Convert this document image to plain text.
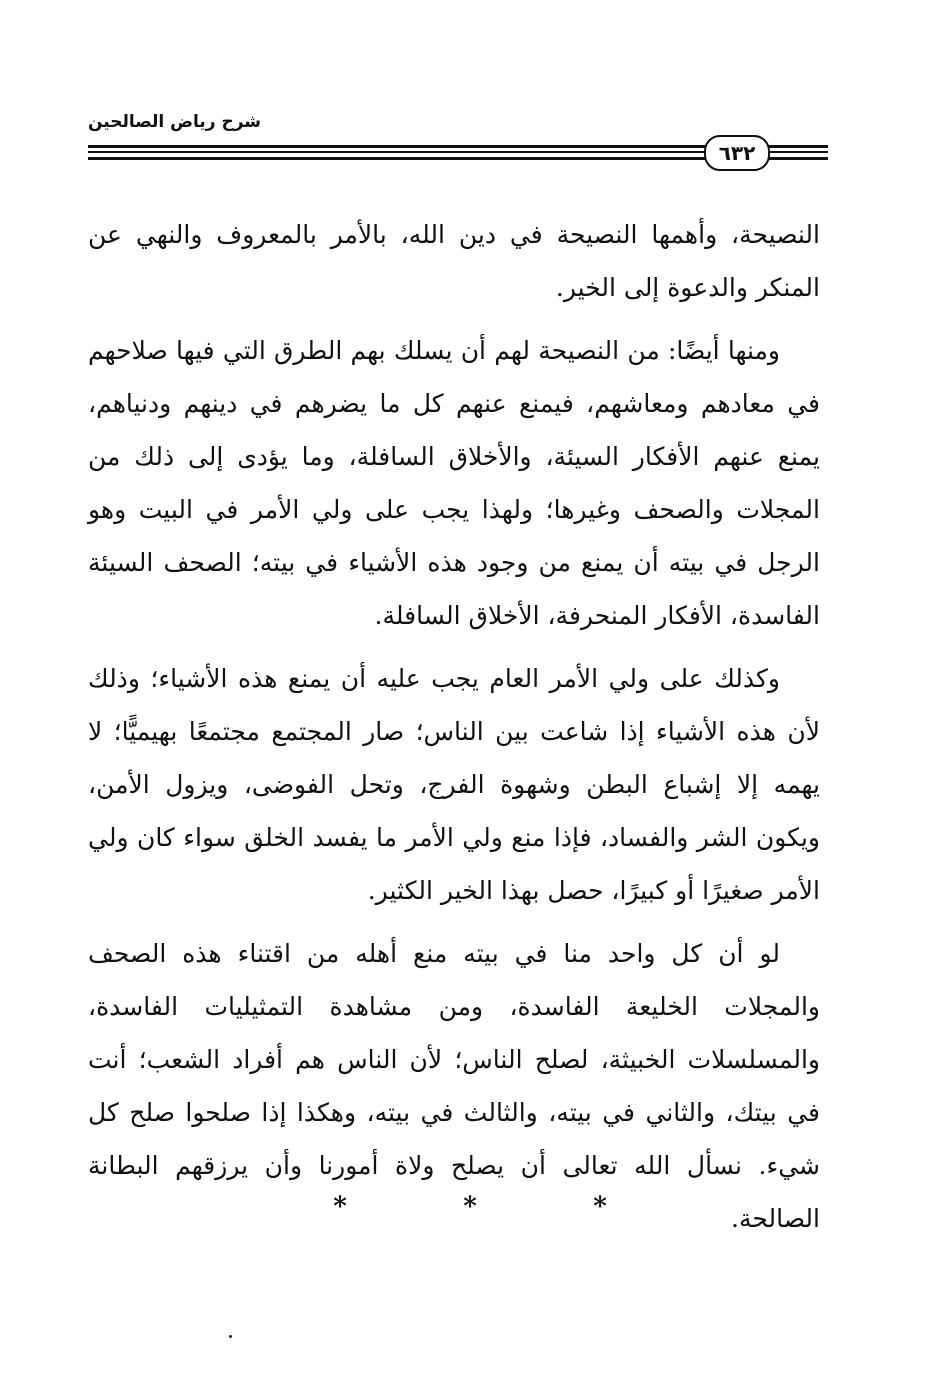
شرح رياض الصالحين
٦٣٢

النصيحة، وأهمها النصيحة في دين الله، بالأمر بالمعروف والنهي عن المنكر والدعوة إلى الخير.

ومنها أيضًا: من النصيحة لهم أن يسلك بهم الطرق التي فيها صلاحهم في معادهم ومعاشهم، فيمنع عنهم كل ما يضرهم في دينهم ودنياهم، يمنع عنهم الأفكار السيئة، والأخلاق السافلة، وما يؤدى إلى ذلك من المجلات والصحف وغيرها؛ ولهذا يجب على ولي الأمر في البيت وهو الرجل في بيته أن يمنع من وجود هذه الأشياء في بيته؛ الصحف السيئة الفاسدة، الأفكار المنحرفة، الأخلاق السافلة.

وكذلك على ولي الأمر العام يجب عليه أن يمنع هذه الأشياء؛ وذلك لأن هذه الأشياء إذا شاعت بين الناس؛ صار المجتمع مجتمعًا بهيميًّا؛ لا يهمه إلا إشباع البطن وشهوة الفرج، وتحل الفوضى، ويزول الأمن، ويكون الشر والفساد، فإذا منع ولي الأمر ما يفسد الخلق سواء كان ولي الأمر صغيرًا أو كبيرًا، حصل بهذا الخير الكثير.

لو أن كل واحد منا في بيته منع أهله من اقتناء هذه الصحف والمجلات الخليعة الفاسدة، ومن مشاهدة التمثيليات الفاسدة، والمسلسلات الخبيثة، لصلح الناس؛ لأن الناس هم أفراد الشعب؛ أنت في بيتك، والثاني في بيته، والثالث في بيته، وهكذا إذا صلحوا صلح كل شيء. نسأل الله تعالى أن يصلح ولاة أمورنا وأن يرزقهم البطانة الصالحة.

*	*	*
